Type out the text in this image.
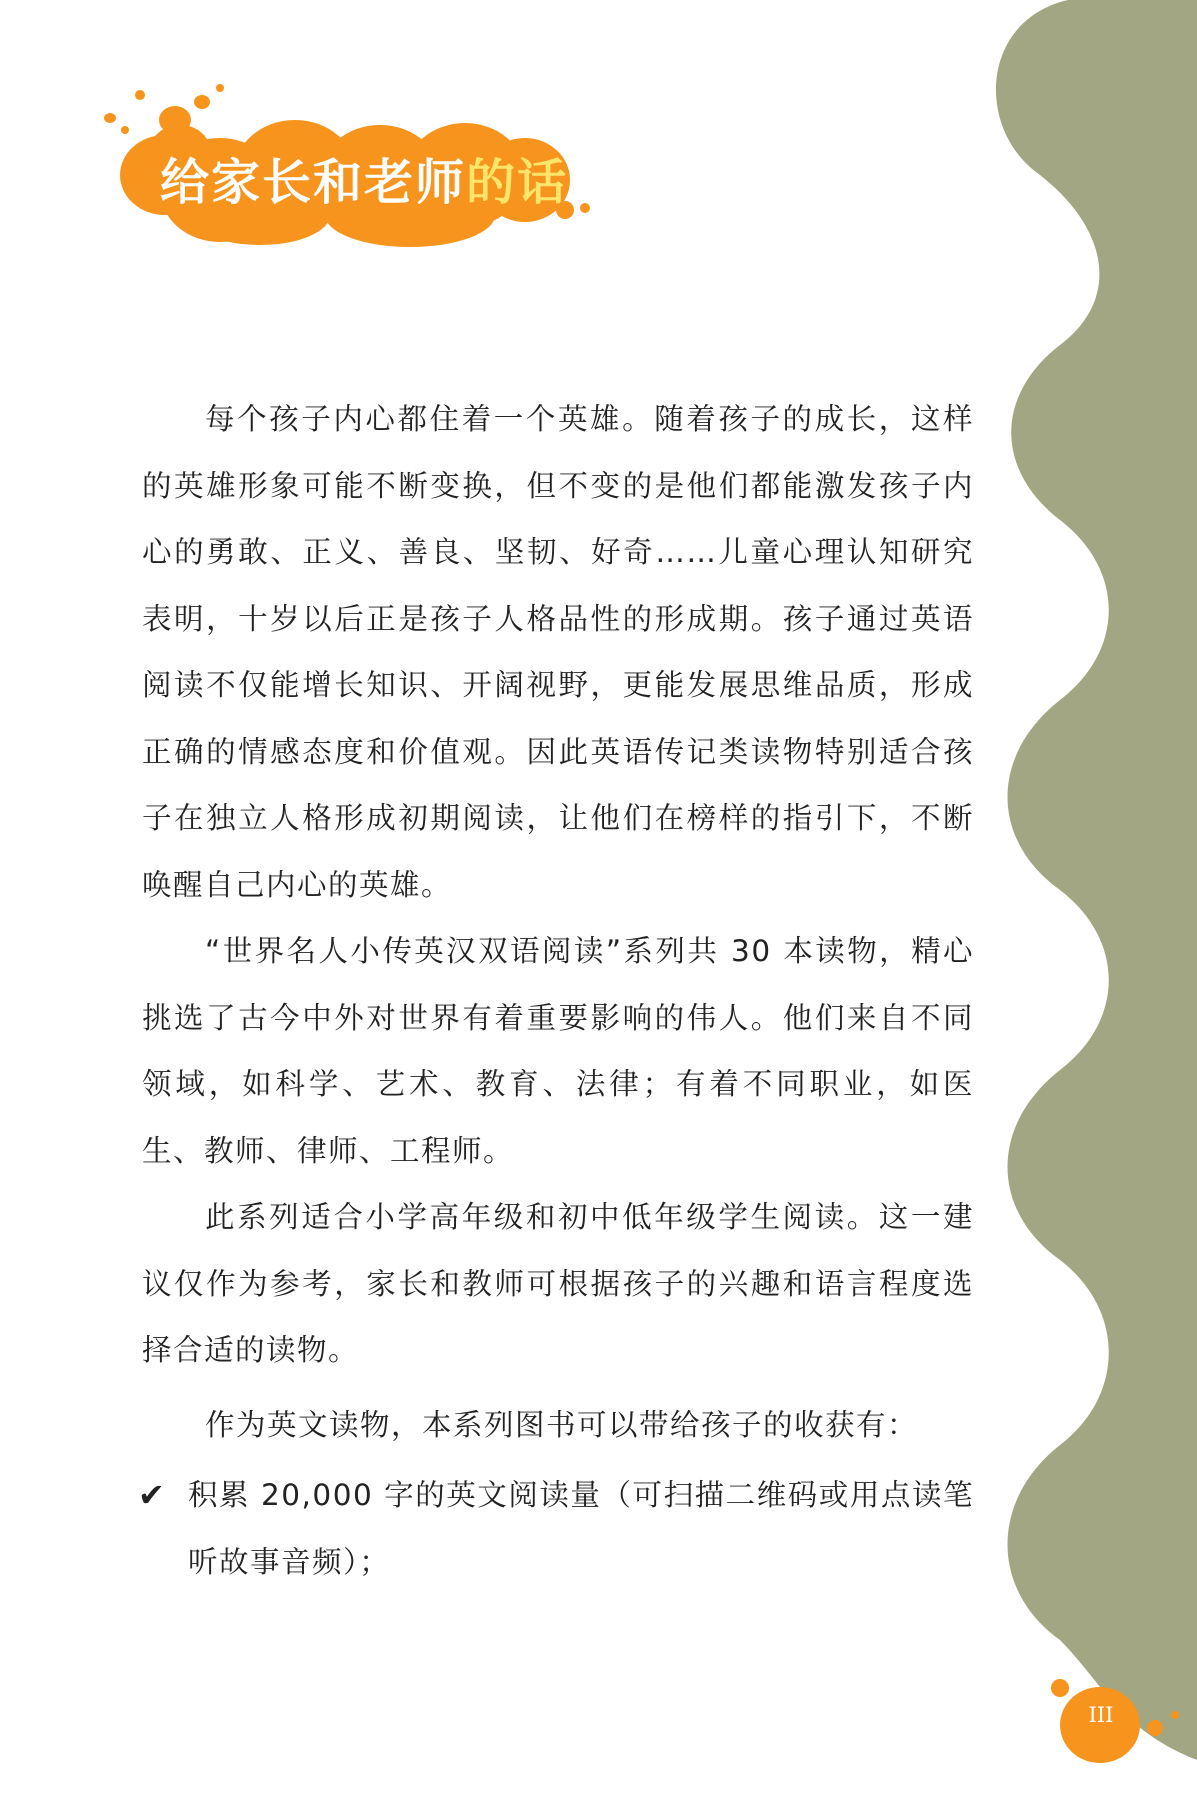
给家长和老师的话

每个孩子内心都住着一个英雄。随着孩子的成长，这样的英雄形象可能不断变换，但不变的是他们都能激发孩子内心的勇敢、正义、善良、坚韧、好奇……儿童心理认知研究表明，十岁以后正是孩子人格品性的形成期。孩子通过英语阅读不仅能增长知识、开阔视野，更能发展思维品质，形成正确的情感态度和价值观。因此英语传记类读物特别适合孩子在独立人格形成初期阅读，让他们在榜样的指引下，不断唤醒自己内心的英雄。

“世界名人小传英汉双语阅读”系列共 30 本读物，精心挑选了古今中外对世界有着重要影响的伟人。他们来自不同领域，如科学、艺术、教育、法律；有着不同职业，如医生、教师、律师、工程师。

此系列适合小学高年级和初中低年级学生阅读。这一建议仅作为参考，家长和教师可根据孩子的兴趣和语言程度选择合适的读物。

作为英文读物，本系列图书可以带给孩子的收获有：

✔ 积累 20,000 字的英文阅读量（可扫描二维码或用点读笔听故事音频）；
III
